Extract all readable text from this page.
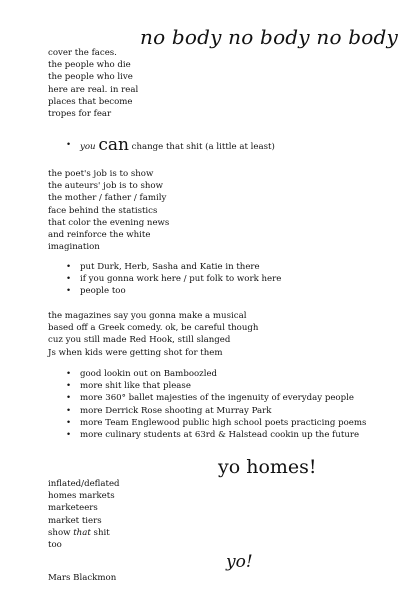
no body no body no body
cover the faces.
the people who die
the people who live
here are real. in real
places that become
tropes for fear
• you can change that shit (a little at least)
the poet's job is to show
the auteurs' job is to show
the mother / father / family
face behind the statistics
that color the evening news
and reinforce the white
imagination
• put Durk, Herb, Sasha and Katie in there
• if you gonna work here / put folk to work here
• people too
the magazines say you gonna make a musical
based off a Greek comedy. ok, be careful though
cuz you still made Red Hook, still slanged
Js when kids were getting shot for them
• good lookin out on Bamboozled
• more shit like that please
• more 360° ballet majesties of the ingenuity of everyday people
• more Derrick Rose shooting at Murray Park
• more Team Englewood public high school poets practicing poems
• more culinary students at 63rd & Halstead cookin up the future
yo homes!
inflated/deflated
homes markets
marketeers
market tiers
show that shit
too
yo!
Mars Blackmon
